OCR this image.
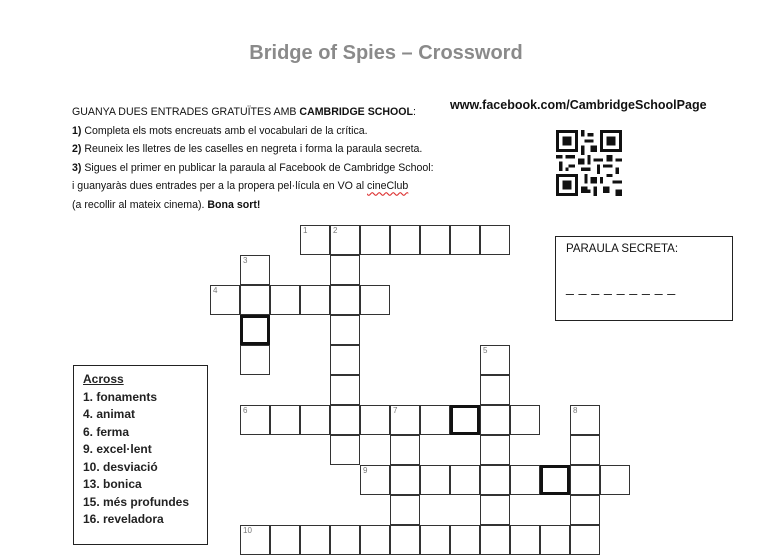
Bridge of Spies – Crossword
GUANYA DUES ENTRADES GRATUÏTES AMB CAMBRIDGE SCHOOL:
1) Completa els mots encreuats amb el vocabulari de la crítica.
2) Reuneix les lletres de les caselles en negreta i forma la paraula secreta.
3) Sigues el primer en publicar la paraula al Facebook de Cambridge School:
i guanyaràs dues entrades per a la propera pel·lícula en VO al cineClub
(a recollir al mateix cinema). Bona sort!
www.facebook.com/CambridgeSchoolPage
PARAULA SECRETA:
_ _ _ _ _ _ _ _ _
1	2
3
4
5
6	7	8
9
10
Across
1. fonaments
4. animat
6. ferma
9. excel·lent
10. desviació
13. bonica
15. més profundes
16. reveladora
